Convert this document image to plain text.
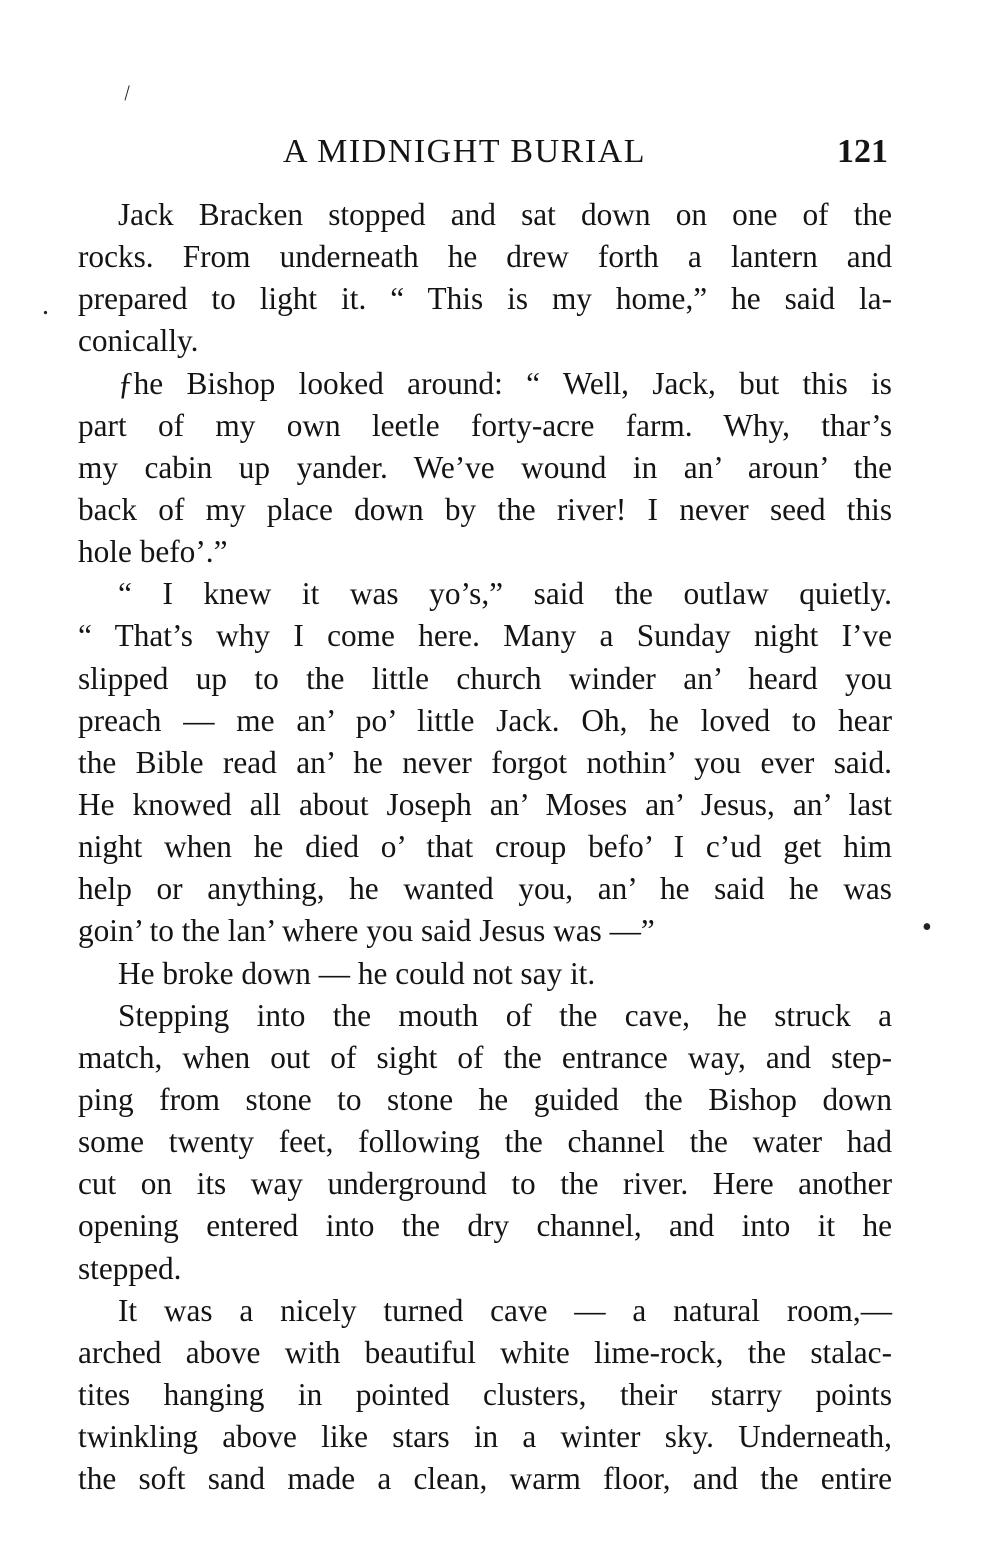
\
.
•
A MIDNIGHT BURIAL	121
Jack Bracken stopped and sat down on one of the
rocks. From underneath he drew forth a lantern and
prepared to light it. “ This is my home,” he said la-
conically.
ƒhe Bishop looked around: “ Well, Jack, but this is
part of my own leetle forty-acre farm. Why, thar’s
my cabin up yander. We’ve wound in an’ aroun’ the
back of my place down by the river! I never seed this
hole befo’.”
“ I knew it was yo’s,” said the outlaw quietly.
“ That’s why I come here. Many a Sunday night I’ve
slipped up to the little church winder an’ heard you
preach — me an’ po’ little Jack. Oh, he loved to hear
the Bible read an’ he never forgot nothin’ you ever said.
He knowed all about Joseph an’ Moses an’ Jesus, an’ last
night when he died o’ that croup befo’ I c’ud get him
help or anything, he wanted you, an’ he said he was
goin’ to the lan’ where you said Jesus was —”
He broke down — he could not say it.
Stepping into the mouth of the cave, he struck a
match, when out of sight of the entrance way, and step-
ping from stone to stone he guided the Bishop down
some twenty feet, following the channel the water had
cut on its way underground to the river. Here another
opening entered into the dry channel, and into it he
stepped.
It was a nicely turned cave — a natural room,—
arched above with beautiful white lime-rock, the stalac-
tites hanging in pointed clusters, their starry points
twinkling above like stars in a winter sky. Underneath,
the soft sand made a clean, warm floor, and the entire
